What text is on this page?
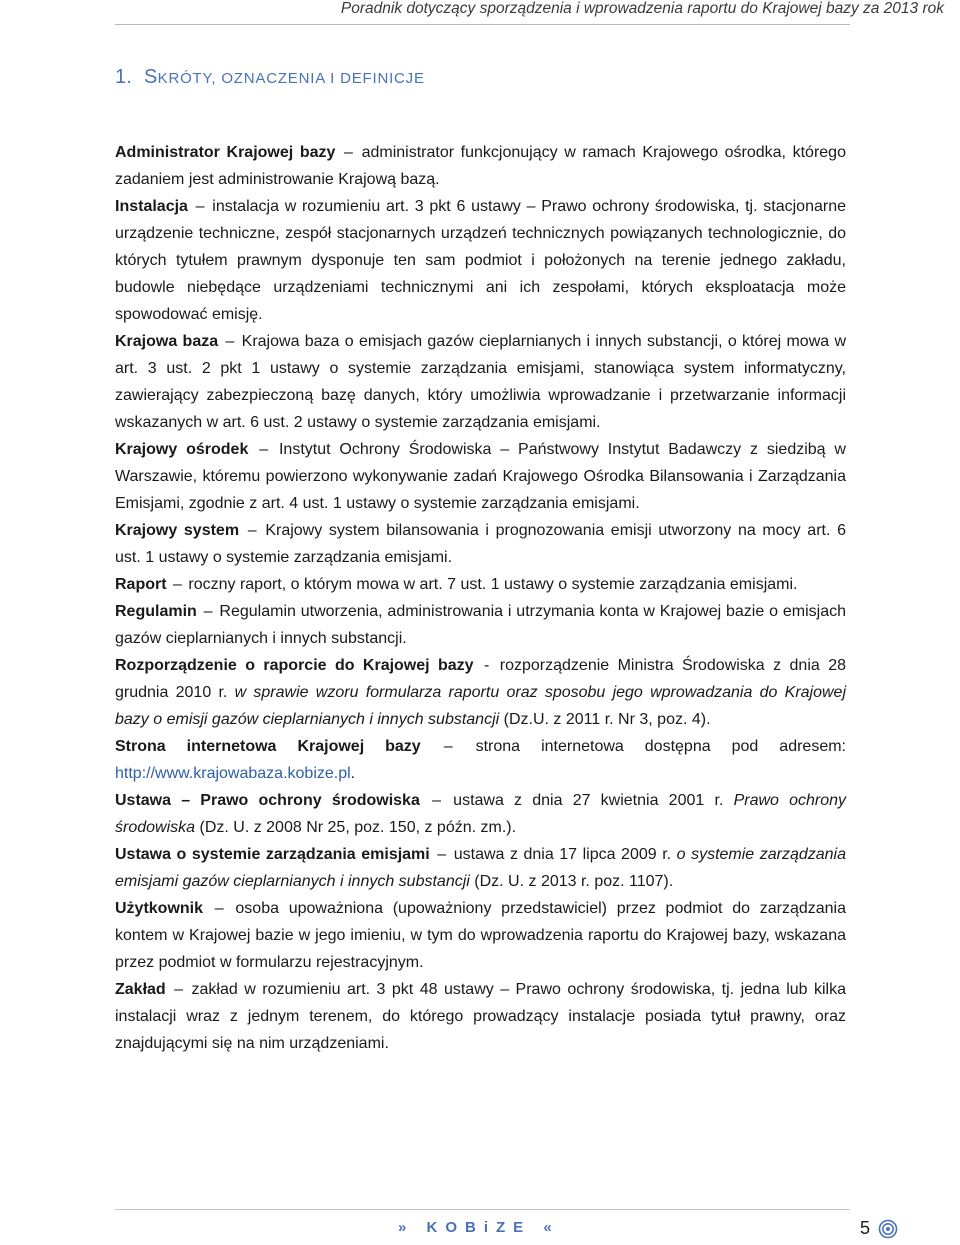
Poradnik dotyczący sporządzenia i wprowadzenia raportu do Krajowej bazy za 2013 rok
1. SKRÓTY, OZNACZENIA I DEFINICJE

Administrator Krajowej bazy – administrator funkcjonujący w ramach Krajowego ośrodka, którego zadaniem jest administrowanie Krajową bazą.

Instalacja – instalacja w rozumieniu art. 3 pkt 6 ustawy – Prawo ochrony środowiska, tj. stacjonarne urządzenie techniczne, zespół stacjonarnych urządzeń technicznych powiązanych technologicznie, do których tytułem prawnym dysponuje ten sam podmiot i położonych na terenie jednego zakładu, budowle niebędące urządzeniami technicznymi ani ich zespołami, których eksploatacja może spowodować emisję.

Krajowa baza – Krajowa baza o emisjach gazów cieplarnianych i innych substancji, o której mowa w art. 3 ust. 2 pkt 1 ustawy o systemie zarządzania emisjami, stanowiąca system informatyczny, zawierający zabezpieczoną bazę danych, który umożliwia wprowadzanie i przetwarzanie informacji wskazanych w art. 6 ust. 2 ustawy o systemie zarządzania emisjami.

Krajowy ośrodek – Instytut Ochrony Środowiska – Państwowy Instytut Badawczy z siedzibą w Warszawie, któremu powierzono wykonywanie zadań Krajowego Ośrodka Bilansowania i Zarządzania Emisjami, zgodnie z art. 4 ust. 1 ustawy o systemie zarządzania emisjami.

Krajowy system – Krajowy system bilansowania i prognozowania emisji utworzony na mocy art. 6 ust. 1 ustawy o systemie zarządzania emisjami.

Raport – roczny raport, o którym mowa w art. 7 ust. 1 ustawy o systemie zarządzania emisjami.

Regulamin – Regulamin utworzenia, administrowania i utrzymania konta w Krajowej bazie o emisjach gazów cieplarnianych i innych substancji.

Rozporządzenie o raporcie do Krajowej bazy - rozporządzenie Ministra Środowiska z dnia 28 grudnia 2010 r. w sprawie wzoru formularza raportu oraz sposobu jego wprowadzania do Krajowej bazy o emisji gazów cieplarnianych i innych substancji (Dz.U. z 2011 r. Nr 3, poz. 4).

Strona internetowa Krajowej bazy – strona internetowa dostępna pod adresem: http://www.krajowabaza.kobize.pl.

Ustawa – Prawo ochrony środowiska – ustawa z dnia 27 kwietnia 2001 r. Prawo ochrony środowiska (Dz. U. z 2008 Nr 25, poz. 150, z późn. zm.).

Ustawa o systemie zarządzania emisjami – ustawa z dnia 17 lipca 2009 r. o systemie zarządzania emisjami gazów cieplarnianych i innych substancji (Dz. U. z 2013 r. poz. 1107).

Użytkownik – osoba upoważniona (upoważniony przedstawiciel) przez podmiot do zarządzania kontem w Krajowej bazie w jego imieniu, w tym do wprowadzenia raportu do Krajowej bazy, wskazana przez podmiot w formularzu rejestracyjnym.

Zakład – zakład w rozumieniu art. 3 pkt 48 ustawy – Prawo ochrony środowiska, tj. jedna lub kilka instalacji wraz z jednym terenem, do którego prowadzący instalacje posiada tytuł prawny, oraz znajdującymi się na nim urządzeniami.

» KOBiZE «	5
